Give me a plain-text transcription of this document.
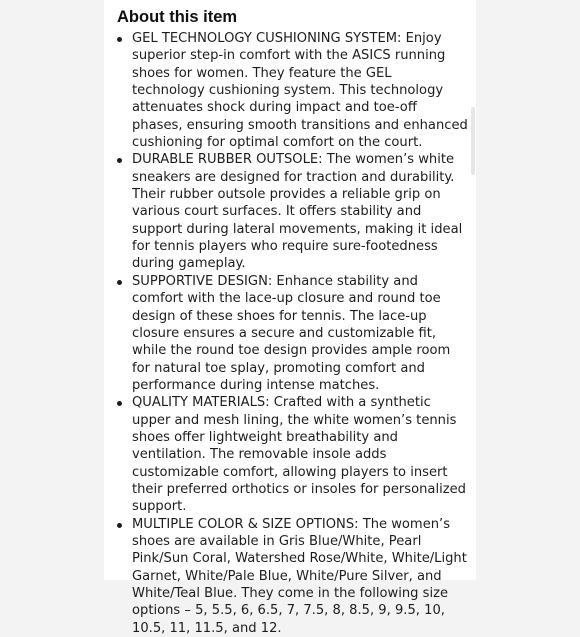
About this item
GEL TECHNOLOGY CUSHIONING SYSTEM: Enjoy superior step-in comfort with the ASICS running shoes for women. They feature the GEL technology cushioning system. This technology attenuates shock during impact and toe-off phases, ensuring smooth transitions and enhanced cushioning for optimal comfort on the court.
DURABLE RUBBER OUTSOLE: The women’s white sneakers are designed for traction and durability. Their rubber outsole provides a reliable grip on various court surfaces. It offers stability and support during lateral movements, making it ideal for tennis players who require sure-footedness during gameplay.
SUPPORTIVE DESIGN: Enhance stability and comfort with the lace-up closure and round toe design of these shoes for tennis. The lace-up closure ensures a secure and customizable fit, while the round toe design provides ample room for natural toe splay, promoting comfort and performance during intense matches.
QUALITY MATERIALS: Crafted with a synthetic upper and mesh lining, the white women’s tennis shoes offer lightweight breathability and ventilation. The removable insole adds customizable comfort, allowing players to insert their preferred orthotics or insoles for personalized support.
MULTIPLE COLOR & SIZE OPTIONS: The women’s shoes are available in Gris Blue/White, Pearl Pink/Sun Coral, Watershed Rose/White, White/Light Garnet, White/Pale Blue, White/Pure Silver, and White/Teal Blue. They come in the following size options – 5, 5.5, 6, 6.5, 7, 7.5, 8, 8.5, 9, 9.5, 10, 10.5, 11, 11.5, and 12.
